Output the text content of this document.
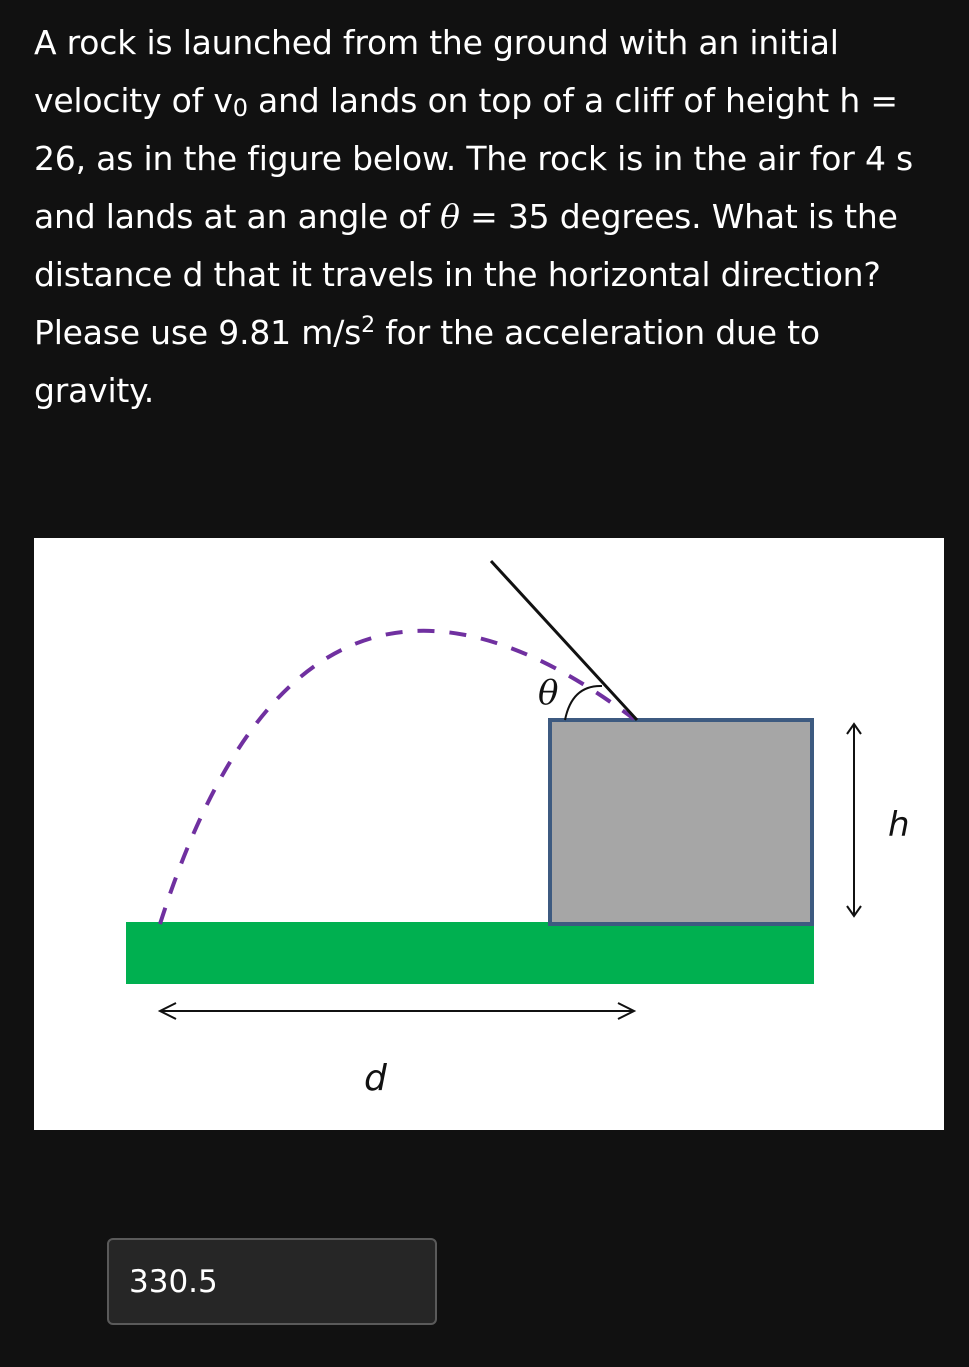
A rock is launched from the ground with an initial velocity of $v_0$ and lands on top of a cliff of height h = 26, as in the figure below. The rock is in the air for 4 s and lands at an angle of θ = 35 degrees. What is the distance d that it travels in the horizontal direction? Please use 9.81 $m/s^2$ for the acceleration due to gravity.

θ
h
d
330.5
